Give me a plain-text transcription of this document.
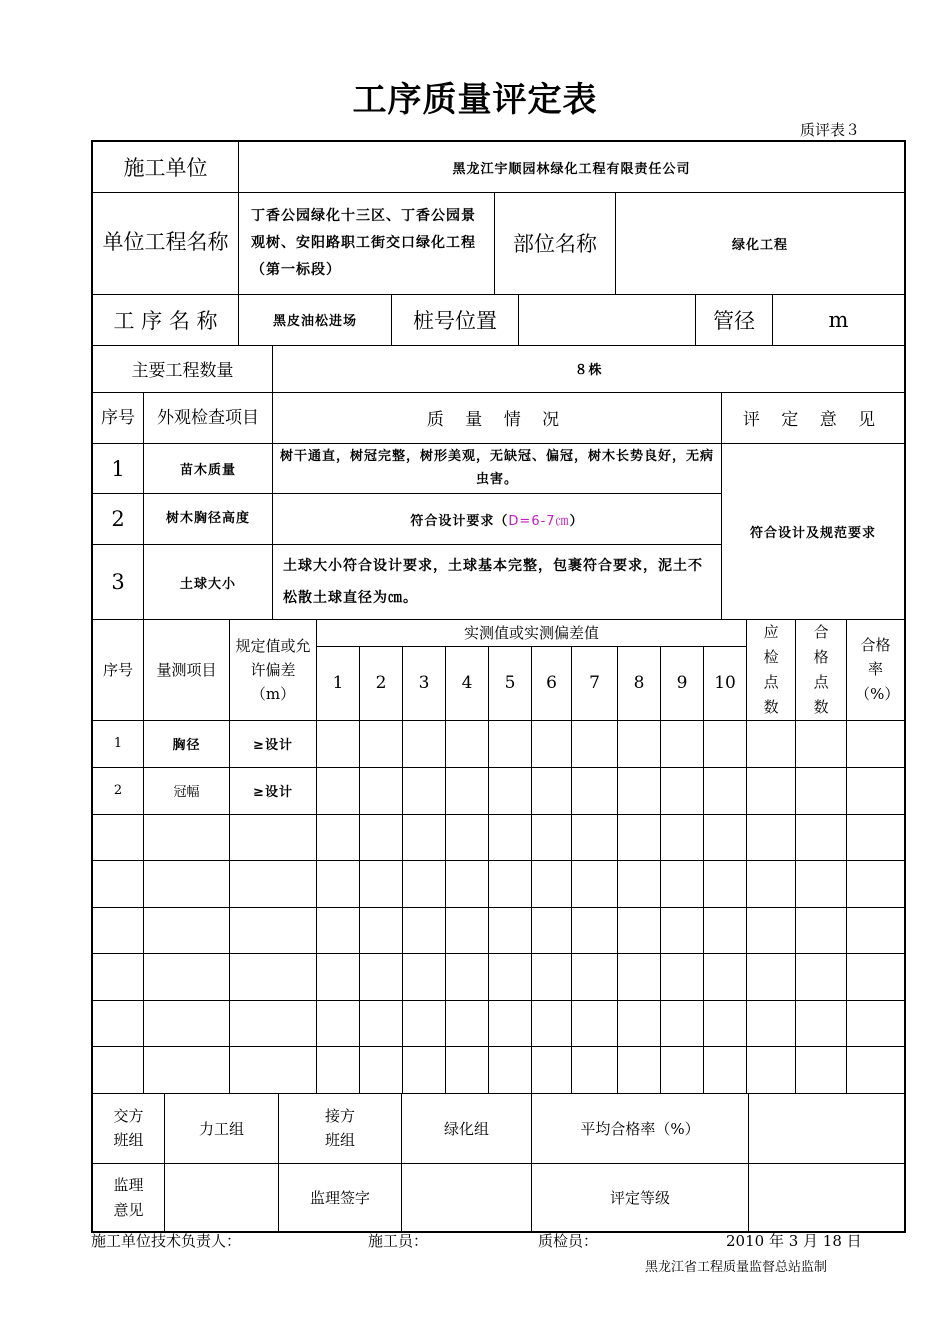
工序质量评定表
质评表３
施工单位	黑龙江宇顺园林绿化工程有限责任公司
单位工程名称	丁香公园绿化十三区、丁香公园景观树、安阳路职工街交口绿化工程（第一标段）	部位名称	绿化工程
工 序 名 称	黑皮油松进场	桩号位置		管径	m
主要工程数量	８株
序号	外观检查项目	质 量 情 况	评 定 意 见
1	苗木质量	树干通直，树冠完整，树形美观，无缺冠、偏冠，树木长势良好，无病虫害。	符合设计及规范要求
2	树木胸径高度	符合设计要求（D=6-7㎝）	
3	土球大小	土球大小符合设计要求，土球基本完整，包裹符合要求，泥土不松散土球直径为㎝。	
序号	量测项目	规定值或允许偏差（m）	实测值或实测偏差值										应检点数	合格点数	合格率（%）
			1	2	3	4	5	6	7	8	9	10			
1	胸径	≥设计													
2	冠幅	≥设计													

交方班组	力工组	接方班组	绿化组	平均合格率（%）	
监理意见		监理签字		评定等级	
施工单位技术负责人：	施工员：	质检员：	2010 年 3 月 18 日
黑龙江省工程质量监督总站监制
